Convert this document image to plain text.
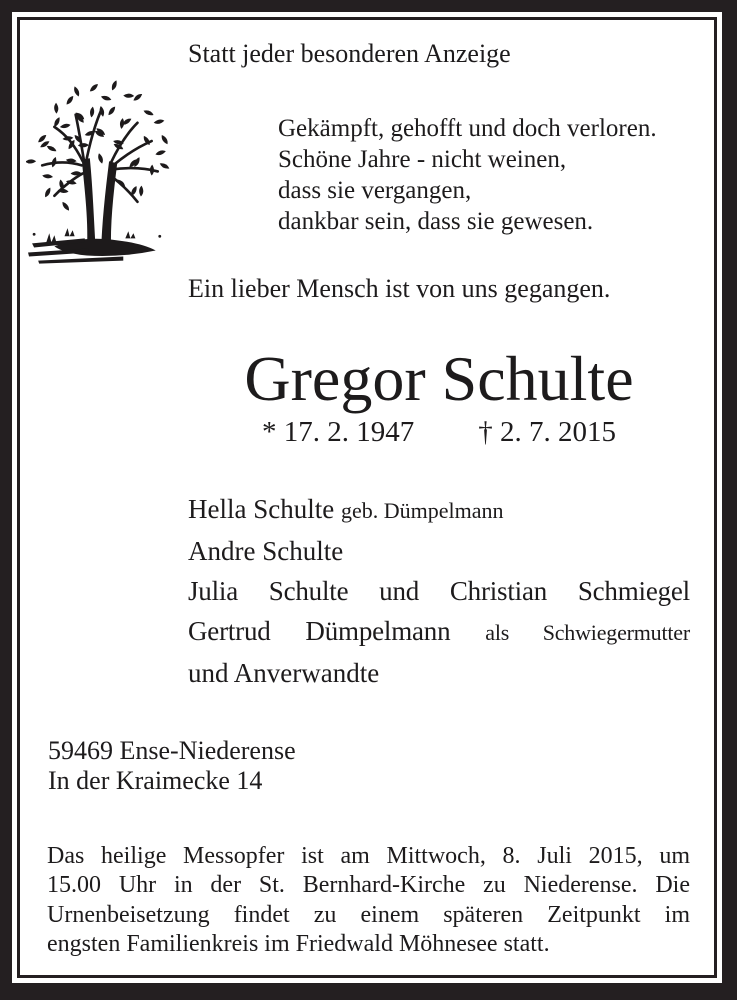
Statt jeder besonderen Anzeige
Gekämpft, gehofft und doch verloren.
Schöne Jahre - nicht weinen,
dass sie vergangen,
dankbar sein, dass sie gewesen.
Ein lieber Mensch ist von uns gegangen.
Gregor Schulte
* 17. 2. 1947 † 2. 7. 2015
Hella Schulte geb. Dümpelmann
Andre Schulte
Julia Schulte und Christian Schmiegel
Gertrud Dümpelmann als Schwiegermutter
und Anverwandte
59469 Ense-Niederense
In der Kraimecke 14
Das heilige Messopfer ist am Mittwoch, 8. Juli 2015, um
15.00 Uhr in der St. Bernhard-Kirche zu Niederense. Die
Urnenbeisetzung findet zu einem späteren Zeitpunkt im
engsten Familienkreis im Friedwald Möhnesee statt.
